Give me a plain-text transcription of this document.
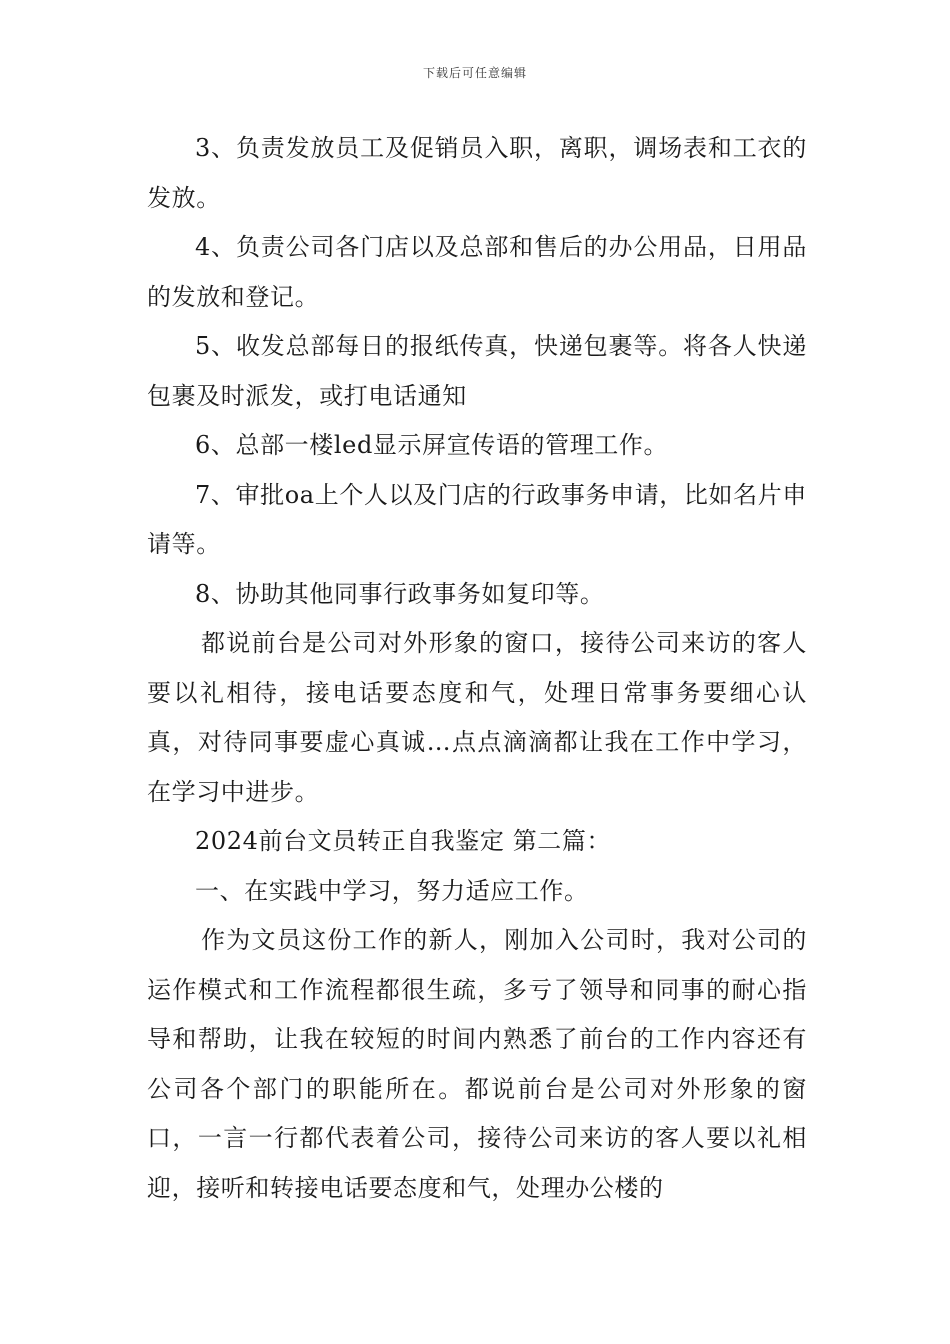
下载后可任意编辑

3、负责发放员工及促销员入职，离职，调场表和工衣的发放。

4、负责公司各门店以及总部和售后的办公用品，日用品的发放和登记。

5、收发总部每日的报纸传真，快递包裹等。将各人快递包裹及时派发，或打电话通知

6、总部一楼led显示屏宣传语的管理工作。

7、审批oa上个人以及门店的行政事务申请，比如名片申请等。

8、协助其他同事行政事务如复印等。

都说前台是公司对外形象的窗口，接待公司来访的客人要以礼相待，接电话要态度和气，处理日常事务要细心认真，对待同事要虚心真诚…点点滴滴都让我在工作中学习，在学习中进步。

2024前台文员转正自我鉴定 第二篇：

一、在实践中学习，努力适应工作。

作为文员这份工作的新人，刚加入公司时，我对公司的运作模式和工作流程都很生疏，多亏了领导和同事的耐心指导和帮助，让我在较短的时间内熟悉了前台的工作内容还有公司各个部门的职能所在。都说前台是公司对外形象的窗口，一言一行都代表着公司，接待公司来访的客人要以礼相迎，接听和转接电话要态度和气，处理办公楼的
